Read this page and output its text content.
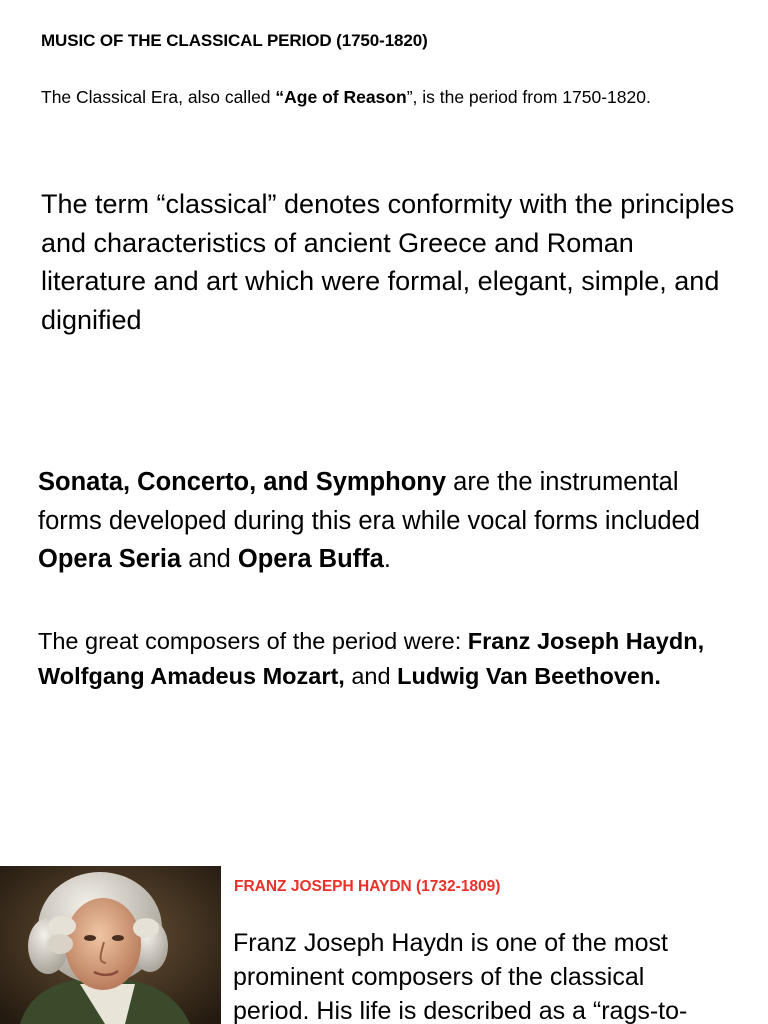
MUSIC OF THE CLASSICAL PERIOD (1750-1820)

The Classical Era, also called “Age of Reason”, is the period from 1750-1820.

The term “classical” denotes conformity with the principles and characteristics of ancient Greece and Roman literature and art which were formal, elegant, simple, and dignified

Sonata, Concerto, and Symphony are the instrumental forms developed during this era while vocal forms included Opera Seria and Opera Buffa.

The great composers of the period were: Franz Joseph Haydn, Wolfgang Amadeus Mozart, and Ludwig Van Beethoven.

FRANZ JOSEPH HAYDN (1732-1809)

Franz Joseph Haydn is one of the most prominent composers of the classical period. His life is described as a “rags-to-
